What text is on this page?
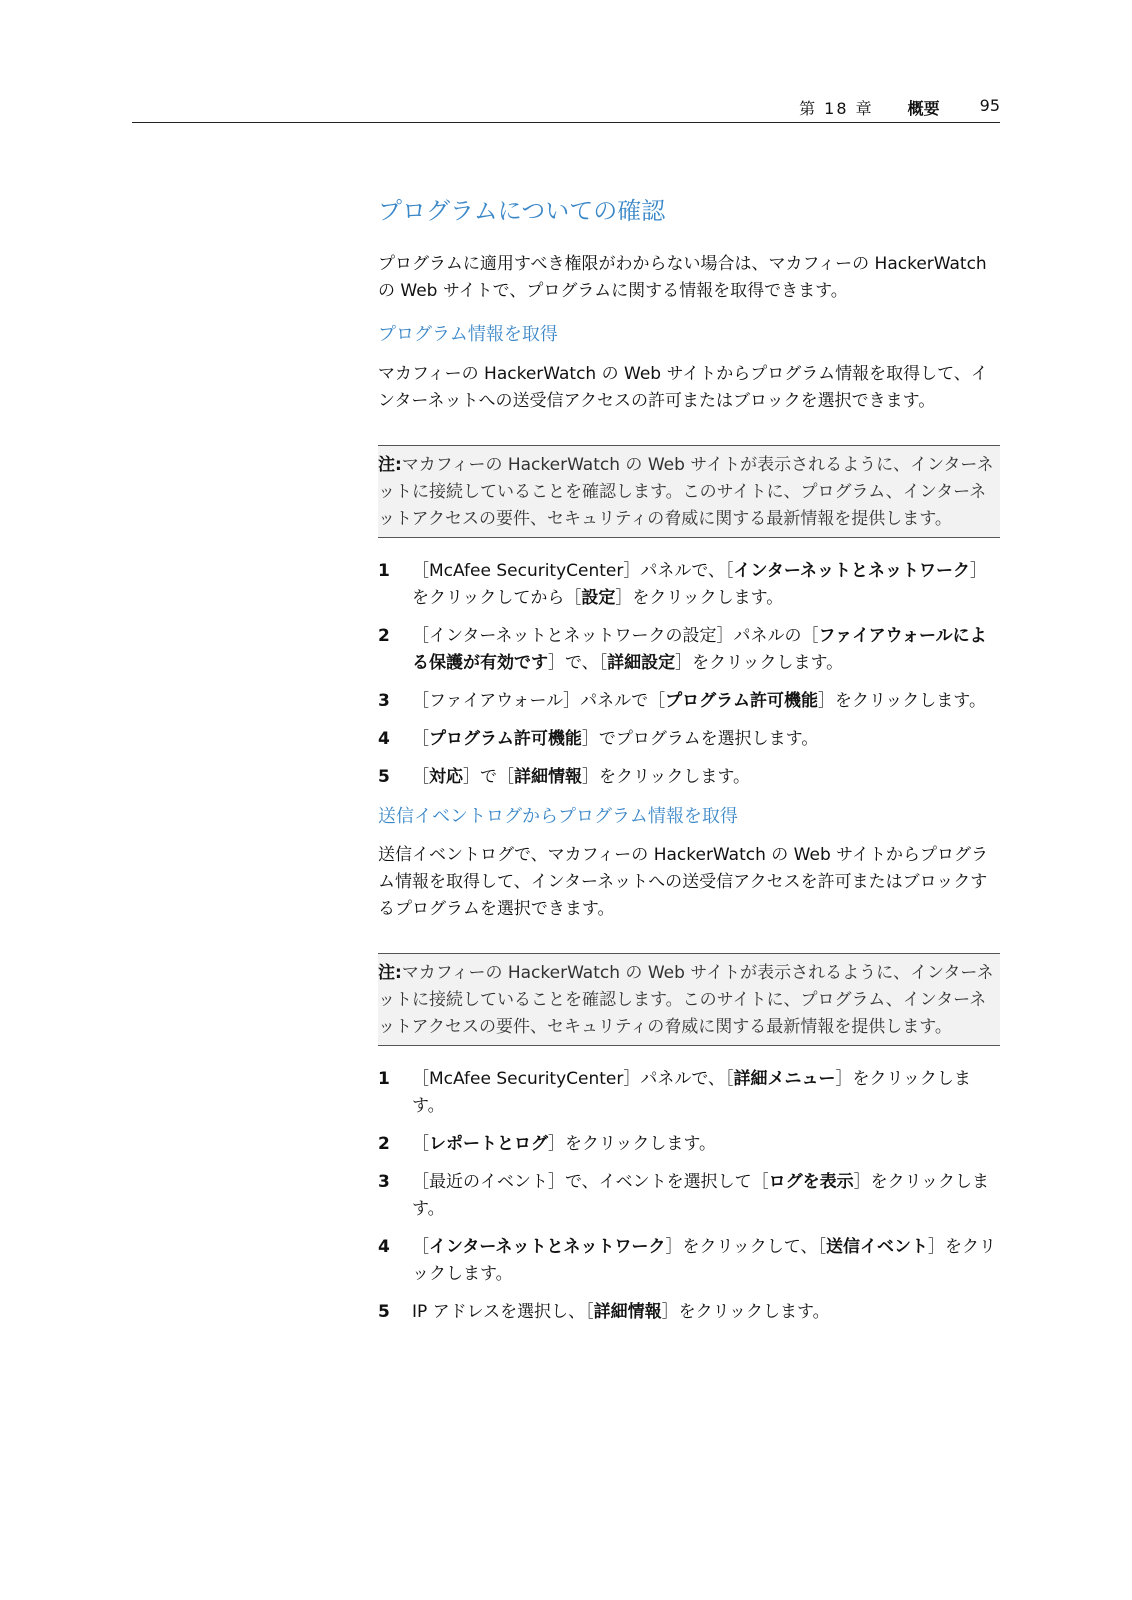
第 18 章 概要	95
プログラムについての確認

プログラムに適用すべき権限がわからない場合は、マカフィーの HackerWatch の Web サイトで、プログラムに関する情報を取得できます。

プログラム情報を取得

マカフィーの HackerWatch の Web サイトからプログラム情報を取得して、インターネットへの送受信アクセスの許可またはブロックを選択できます。

注:マカフィーの HackerWatch の Web サイトが表示されるように、インターネットに接続していることを確認します。このサイトに、プログラム、インターネットアクセスの要件、セキュリティの脅威に関する最新情報を提供します。
1 ［McAfee SecurityCenter］パネルで、［インターネットとネットワーク］をクリックしてから［設定］をクリックします。
2 ［インターネットとネットワークの設定］パネルの［ファイアウォールによる保護が有効です］で、［詳細設定］をクリックします。
3 ［ファイアウォール］パネルで［プログラム許可機能］をクリックします。
4 ［プログラム許可機能］でプログラムを選択します。
5 ［対応］で［詳細情報］をクリックします。
送信イベントログからプログラム情報を取得

送信イベントログで、マカフィーの HackerWatch の Web サイトからプログラム情報を取得して、インターネットへの送受信アクセスを許可またはブロックするプログラムを選択できます。

注:マカフィーの HackerWatch の Web サイトが表示されるように、インターネットに接続していることを確認します。このサイトに、プログラム、インターネットアクセスの要件、セキュリティの脅威に関する最新情報を提供します。
1 ［McAfee SecurityCenter］パネルで、［詳細メニュー］をクリックします。
2 ［レポートとログ］をクリックします。
3 ［最近のイベント］で、イベントを選択して［ログを表示］をクリックします。
4 ［インターネットとネットワーク］をクリックして、［送信イベント］をクリックします。
5 IP アドレスを選択し、［詳細情報］をクリックします。
